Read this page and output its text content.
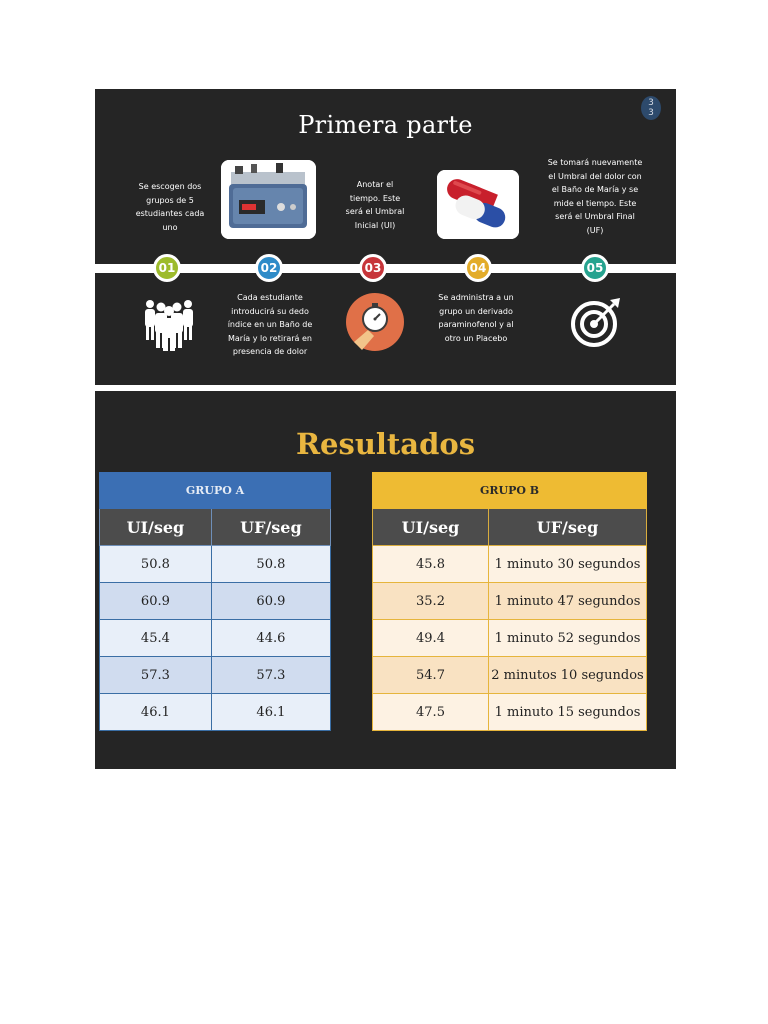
Primera parte
3
3
Se escogen dos grupos de 5 estudiantes cada uno
Cada estudiante introducirá su dedo índice en un Baño de María y lo retirará en presencia de dolor
Anotar el tiempo. Este será el Umbral Inicial (UI)
Se administra a un grupo un derivado paraminofenol y al otro un Placebo
Se tomará nuevamente el Umbral del dolor con el Baño de María y se mide el tiempo. Este será el Umbral Final (UF)
01	02	03	04	05
Resultados
GRUPO A	
UI/seg	UF/seg
50.8	50.8
60.9	60.9
45.4	44.6
57.3	57.3
46.1	46.1
GRUPO B	
UI/seg	UF/seg
45.8	1 minuto 30 segundos
35.2	1 minuto 47 segundos
49.4	1 minuto 52 segundos
54.7	2 minutos 10 segundos
47.5	1 minuto 15 segundos
